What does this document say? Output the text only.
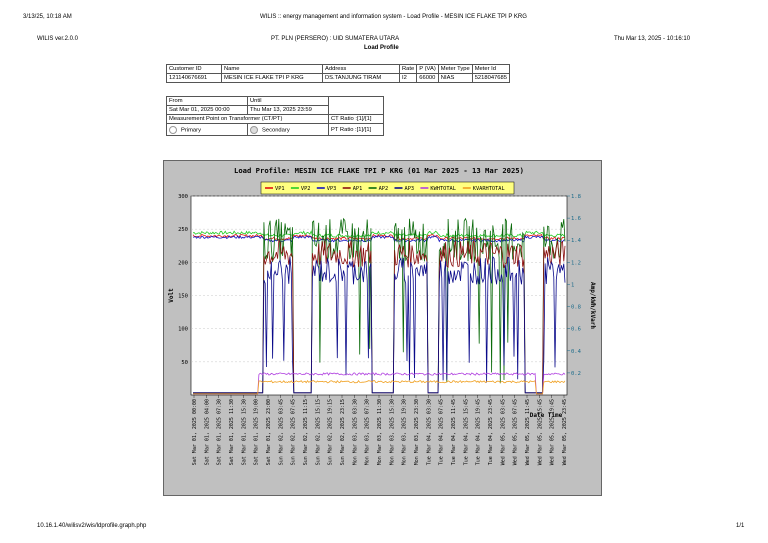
3/13/25, 10:18 AM	WILIS :: energy management and information system - Load Profile - MESIN ICE FLAKE TPI P KRG
WILIS ver.2.0.0	PT. PLN (PERSERO) : UID SUMATERA UTARA
Load Profile
Thu Mar 13, 2025 - 10:16:10
Customer ID	Name	Address	Rate	P (VA)	Meter Type	Meter Id
121140676691	MESIN ICE FLAKE TPI P KRG	DS.TANJUNG TIRAM	I2	66000	NIAS	5218047685
From	Until	
Sat Mar 01, 2025 00:00	Thu Mar 13, 2025 23:59	
Measurement Point on Transformer (CT/PT)		CT Ratio :[1]/[1]
Primary	Secondary	PT Ratio :[1]/[1]
Load Profile: MESIN ICE FLAKE TPI P KRG (01 Mar 2025 - 13 Mar 2025)
VP1	VP2	VP3	AP1	AP2	AP3	KWHTOTAL	KVARHTOTAL
50
100
150
200
250
300
0.2
0.4
0.6
0.8
1
1.2
1.4
1.6
1.8
Volt	Amp/kWh/kVarh
Date Time
Sat Mar 01, 2025 00:00 Sat Mar 01, 2025 04:00 Sat Mar 01, 2025 07:30 Sat Mar 01, 2025 11:30 Sat Mar 01, 2025 15:30 Sat Mar 01, 2025 19:00 Sat Mar 01, 2025 23:00 Sun Mar 02, 2025 03:45 Sun Mar 02, 2025 07:45 Sun Mar 02, 2025 11:15 Sun Mar 02, 2025 15:15 Sun Mar 02, 2025 19:15 Sun Mar 02, 2025 23:15 Mon Mar 03, 2025 03:30 Mon Mar 03, 2025 07:30 Mon Mar 03, 2025 11:30 Mon Mar 03, 2025 15:30 Mon Mar 03, 2025 19:30 Mon Mar 03, 2025 23:30 Tue Mar 04, 2025 03:30 Tue Mar 04, 2025 07:45 Tue Mar 04, 2025 11:45 Tue Mar 04, 2025 15:45 Tue Mar 04, 2025 19:45 Tue Mar 04, 2025 23:45 Wed Mar 05, 2025 03:45 Wed Mar 05, 2025 07:45 Wed Mar 05, 2025 11:45 Wed Mar 05, 2025 15:45 Wed Mar 05, 2025 19:45 Wed Mar 05, 2025 23:45
10.16.1.40/wilisv2/wis/ldprofile.graph.php	1/1
